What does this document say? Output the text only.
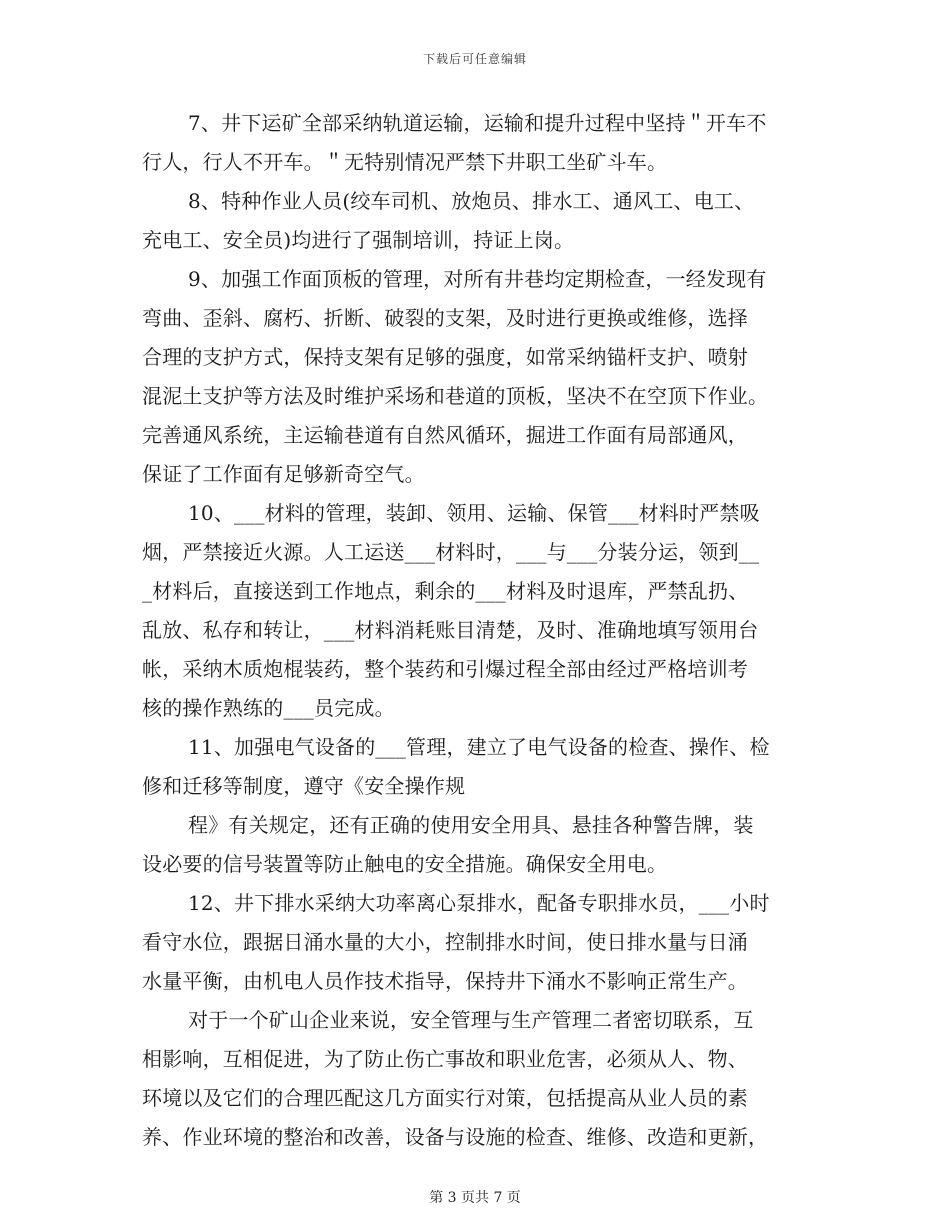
下载后可任意编辑
7、井下运矿全部采纳轨道运输，运输和提升过程中坚持＂开车不
行人，行人不开车。＂无特别情况严禁下井职工坐矿斗车。
8、特种作业人员(绞车司机、放炮员、排水工、通风工、电工、
充电工、安全员)均进行了强制培训，持证上岗。
9、加强工作面顶板的管理，对所有井巷均定期检查，一经发现有
弯曲、歪斜、腐朽、折断、破裂的支架，及时进行更换或维修，选择
合理的支护方式，保持支架有足够的强度，如常采纳锚杆支护、喷射
混泥土支护等方法及时维护采场和巷道的顶板，坚决不在空顶下作业。
完善通风系统，主运输巷道有自然风循环，掘进工作面有局部通风，
保证了工作面有足够新奇空气。
10、___材料的管理，装卸、领用、运输、保管___材料时严禁吸
烟，严禁接近火源。人工运送___材料时，___与___分装分运，领到__
_材料后，直接送到工作地点，剩余的___材料及时退库，严禁乱扔、
乱放、私存和转让，___材料消耗账目清楚，及时、准确地填写领用台
帐，采纳木质炮棍装药，整个装药和引爆过程全部由经过严格培训考
核的操作熟练的___员完成。
11、加强电气设备的___管理，建立了电气设备的检查、操作、检
修和迁移等制度，遵守《安全操作规
程》有关规定，还有正确的使用安全用具、悬挂各种警告牌，装
设必要的信号装置等防止触电的安全措施。确保安全用电。
12、井下排水采纳大功率离心泵排水，配备专职排水员，___小时
看守水位，跟据日涌水量的大小，控制排水时间，使日排水量与日涌
水量平衡，由机电人员作技术指导，保持井下涌水不影响正常生产。
对于一个矿山企业来说，安全管理与生产管理二者密切联系，互
相影响，互相促进，为了防止伤亡事故和职业危害，必须从人、物、
环境以及它们的合理匹配这几方面实行对策，包括提高从业人员的素
养、作业环境的整治和改善，设备与设施的检查、维修、改造和更新，
第 3 页共 7 页
